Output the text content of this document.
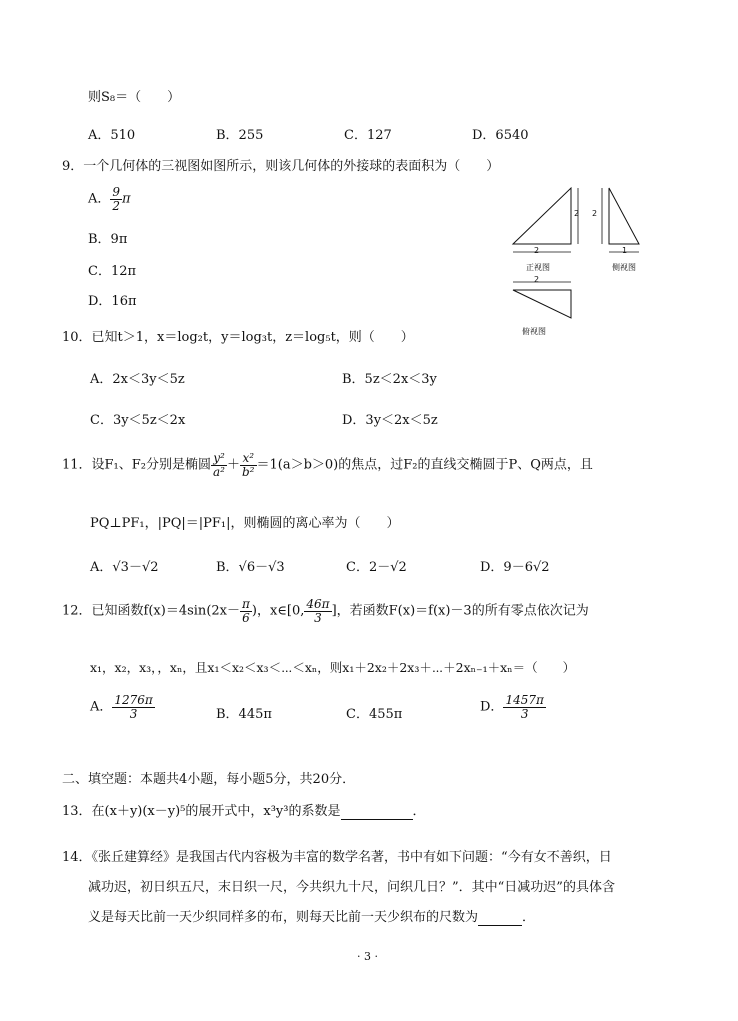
则S₈＝（　　）
A．510	B．255	C．127	D．6540
9．一个几何体的三视图如图所示，则该几何体的外接球的表面积为（　　）
A． $\frac{9}{2}$ π
B．9π
C．12π
D．16π
2
2 2
1
正视图	侧视图
2
俯视图
10．已知t＞1，x＝log₂t，y＝log₃t，z＝log₅t，则（　　）
A．2x＜3y＜5z	B．5z＜2x＜3y
C．3y＜5z＜2x	D．3y＜2x＜5z
11．设F₁、F₂分别是椭圆 $\frac{\text{y²}}{\text{a²}} + \frac{\text{x²}}{\text{b²}} =1(a>b>0)$的焦点，过F₂的直线交椭圆于P、Q两点，且
PQ⊥PF₁，|PQ|＝|PF₁|，则椭圆的离心率为（　　）
A．√3－√2	B．√6－√3	C．2－√2	D．9－6√2
12．已知函数$f(x)=4\sin(2x- \frac{\pi}{6}$ )，x∈[0, $\frac{46\pi}{3}$ ]，若函数F(x)＝f(x)－3的所有零点依次记为
x₁，x₂，x₃，，xₙ，且x₁＜x₂＜x₃＜⋯＜xₙ，则x₁＋2x₂＋2x₃＋⋯＋2xₙ₋₁＋xₙ＝（　　）
A． $\frac{1276\pi}{3}$	B．445π	C．455π	D． $\frac{1457\pi}{3}$
二、填空题：本题共4小题，每小题5分，共20分．
13．在(x＋y)(x－y)⁵的展开式中，x³y³的系数是	．
14．《张丘建算经》是我国古代内容极为丰富的数学名著，书中有如下问题：“今有女不善织，日
减功迟，初日织五尺，末日织一尺，今共织九十尺，问织几日？”．其中“日减功迟”的具体含
义是每天比前一天少织同样多的布，则每天比前一天少织布的尺数为	．
· 3 ·
